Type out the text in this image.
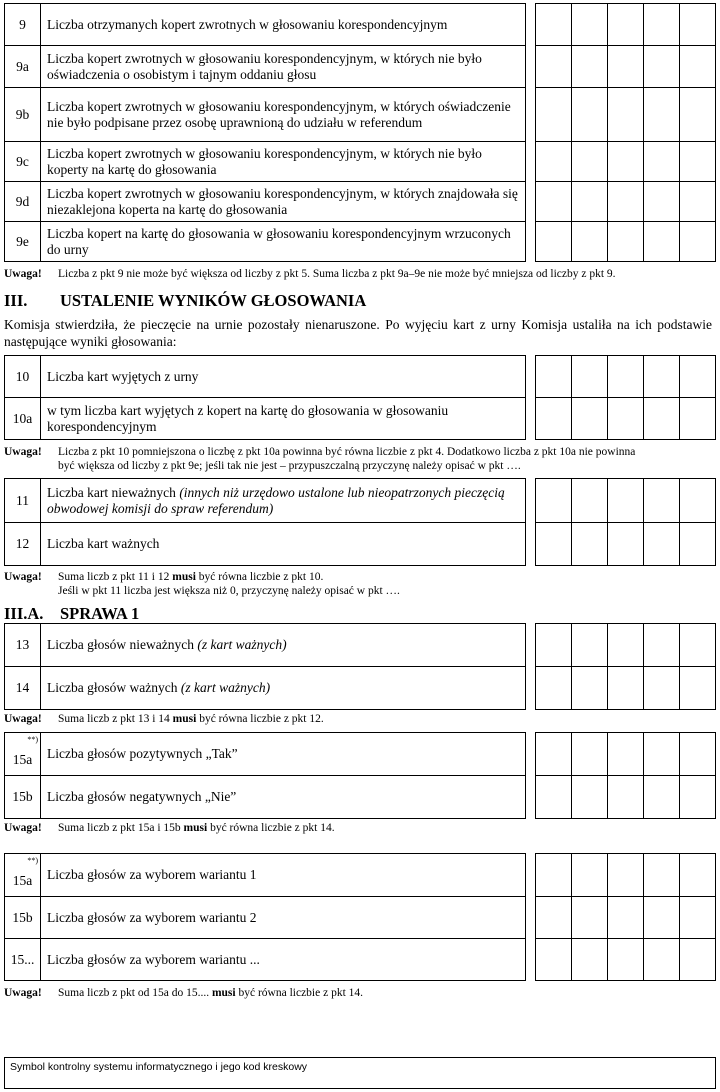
9	Liczba otrzymanych kopert zwrotnych w głosowaniu korespondencyjnym						
9a	Liczba kopert zwrotnych w głosowaniu korespondencyjnym, w których nie było oświadczenia o osobistym i tajnym oddaniu głosu						
9b	Liczba kopert zwrotnych w głosowaniu korespondencyjnym, w których oświadczenie nie było podpisane przez osobę uprawnioną do udziału w referendum						
9c	Liczba kopert zwrotnych w głosowaniu korespondencyjnym, w których nie było koperty na kartę do głosowania						
9d	Liczba kopert zwrotnych w głosowaniu korespondencyjnym, w których znajdowała się niezaklejona koperta na kartę do głosowania						
9e	Liczba kopert na kartę do głosowania w głosowaniu korespondencyjnym wrzuconych do urny						
Uwaga! Liczba z pkt 9 nie może być większa od liczby z pkt 5. Suma liczba z pkt 9a–9e nie może być mniejsza od liczby z pkt 9.
III. USTALENIE WYNIKÓW GŁOSOWANIA
Komisja stwierdziła, że pieczęcie na urnie pozostały nienaruszone. Po wyjęciu kart z urny Komisja ustaliła na ich podstawie następujące wyniki głosowania:
10	Liczba kart wyjętych z urny						
10a	w tym liczba kart wyjętych z kopert na kartę do głosowania w głosowaniu korespondencyjnym						
Uwaga! Liczba z pkt 10 pomniejszona o liczbę z pkt 10a powinna być równa liczbie z pkt 4. Dodatkowo liczba z pkt 10a nie powinna
być większa od liczby z pkt 9e; jeśli tak nie jest – przypuszczalną przyczynę należy opisać w pkt ….
11	Liczba kart nieważnych (innych niż urzędowo ustalone lub nieopatrzonych pieczęcią obwodowej komisji do spraw referendum)						
12	Liczba kart ważnych						
Uwaga! Suma liczb z pkt 11 i 12 musi być równa liczbie z pkt 10.
Jeśli w pkt 11 liczba jest większa niż 0, przyczynę należy opisać w pkt ….
III.A. SPRAWA 1
13	Liczba głosów nieważnych (z kart ważnych)						
14	Liczba głosów ważnych (z kart ważnych)						
Uwaga! Suma liczb z pkt 13 i 14 musi być równa liczbie z pkt 12.
**)
15a	Liczba głosów pozytywnych „Tak”						
15b	Liczba głosów negatywnych „Nie”						
Uwaga! Suma liczb z pkt 15a i 15b musi być równa liczbie z pkt 14.
**)
15a	Liczba głosów za wyborem wariantu 1						
15b	Liczba głosów za wyborem wariantu 2						
15...	Liczba głosów za wyborem wariantu ...						
Uwaga! Suma liczb z pkt od 15a do 15.... musi być równa liczbie z pkt 14.
Symbol kontrolny systemu informatycznego i jego kod kreskowy
